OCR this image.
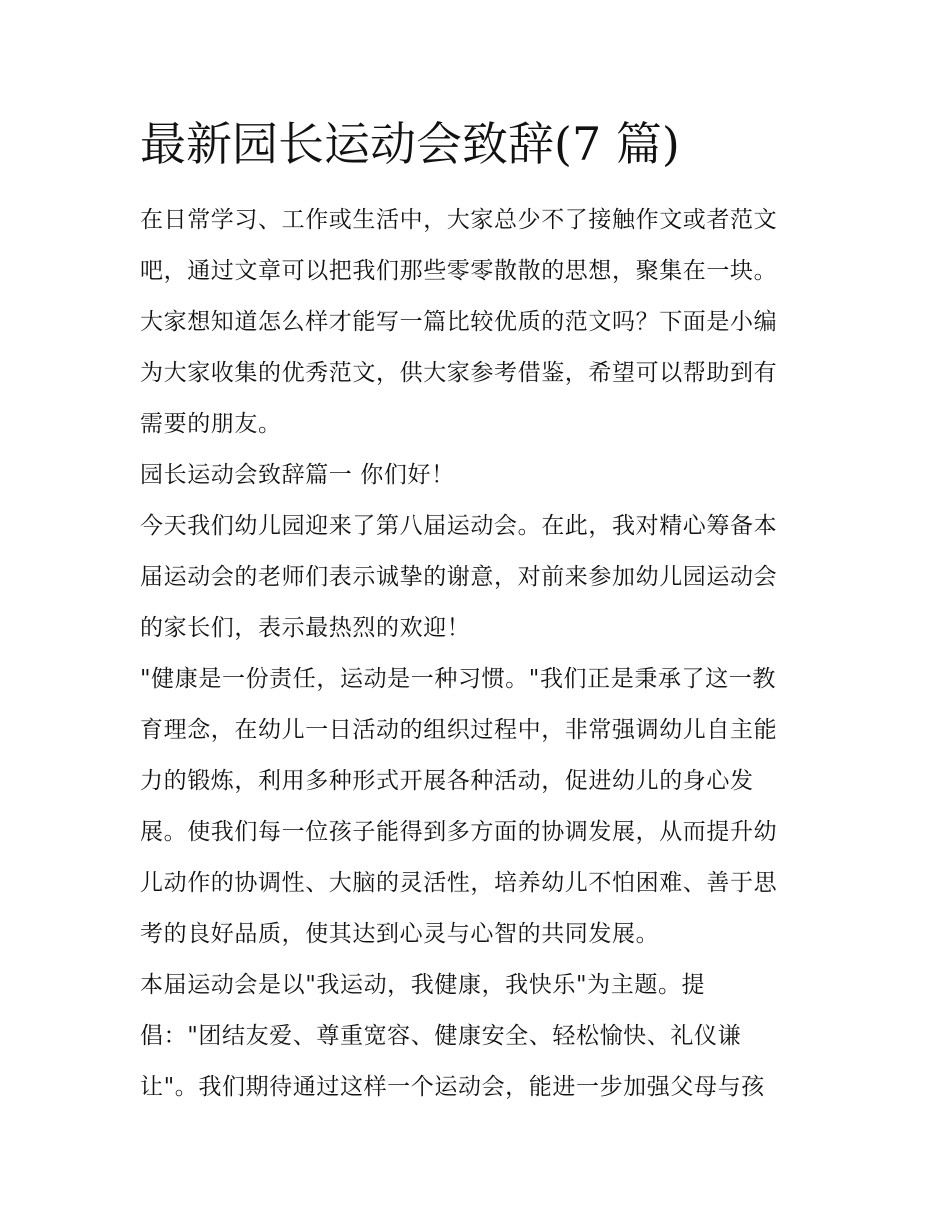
最新园长运动会致辞(7 篇)

在日常学习、工作或生活中，大家总少不了接触作文或者范文

吧，通过文章可以把我们那些零零散散的思想，聚集在一块。

大家想知道怎么样才能写一篇比较优质的范文吗？下面是小编

为大家收集的优秀范文，供大家参考借鉴，希望可以帮助到有

需要的朋友。

园长运动会致辞篇一 你们好！

今天我们幼儿园迎来了第八届运动会。在此，我对精心筹备本

届运动会的老师们表示诚挚的谢意，对前来参加幼儿园运动会

的家长们，表示最热烈的欢迎！

"健康是一份责任，运动是一种习惯。"我们正是秉承了这一教

育理念，在幼儿一日活动的组织过程中，非常强调幼儿自主能

力的锻炼，利用多种形式开展各种活动，促进幼儿的身心发

展。使我们每一位孩子能得到多方面的协调发展，从而提升幼

儿动作的协调性、大脑的灵活性，培养幼儿不怕困难、善于思

考的良好品质，使其达到心灵与心智的共同发展。

本届运动会是以"我运动，我健康，我快乐"为主题。提

倡："团结友爱、尊重宽容、健康安全、轻松愉快、礼仪谦

让"。我们期待通过这样一个运动会，能进一步加强父母与孩
